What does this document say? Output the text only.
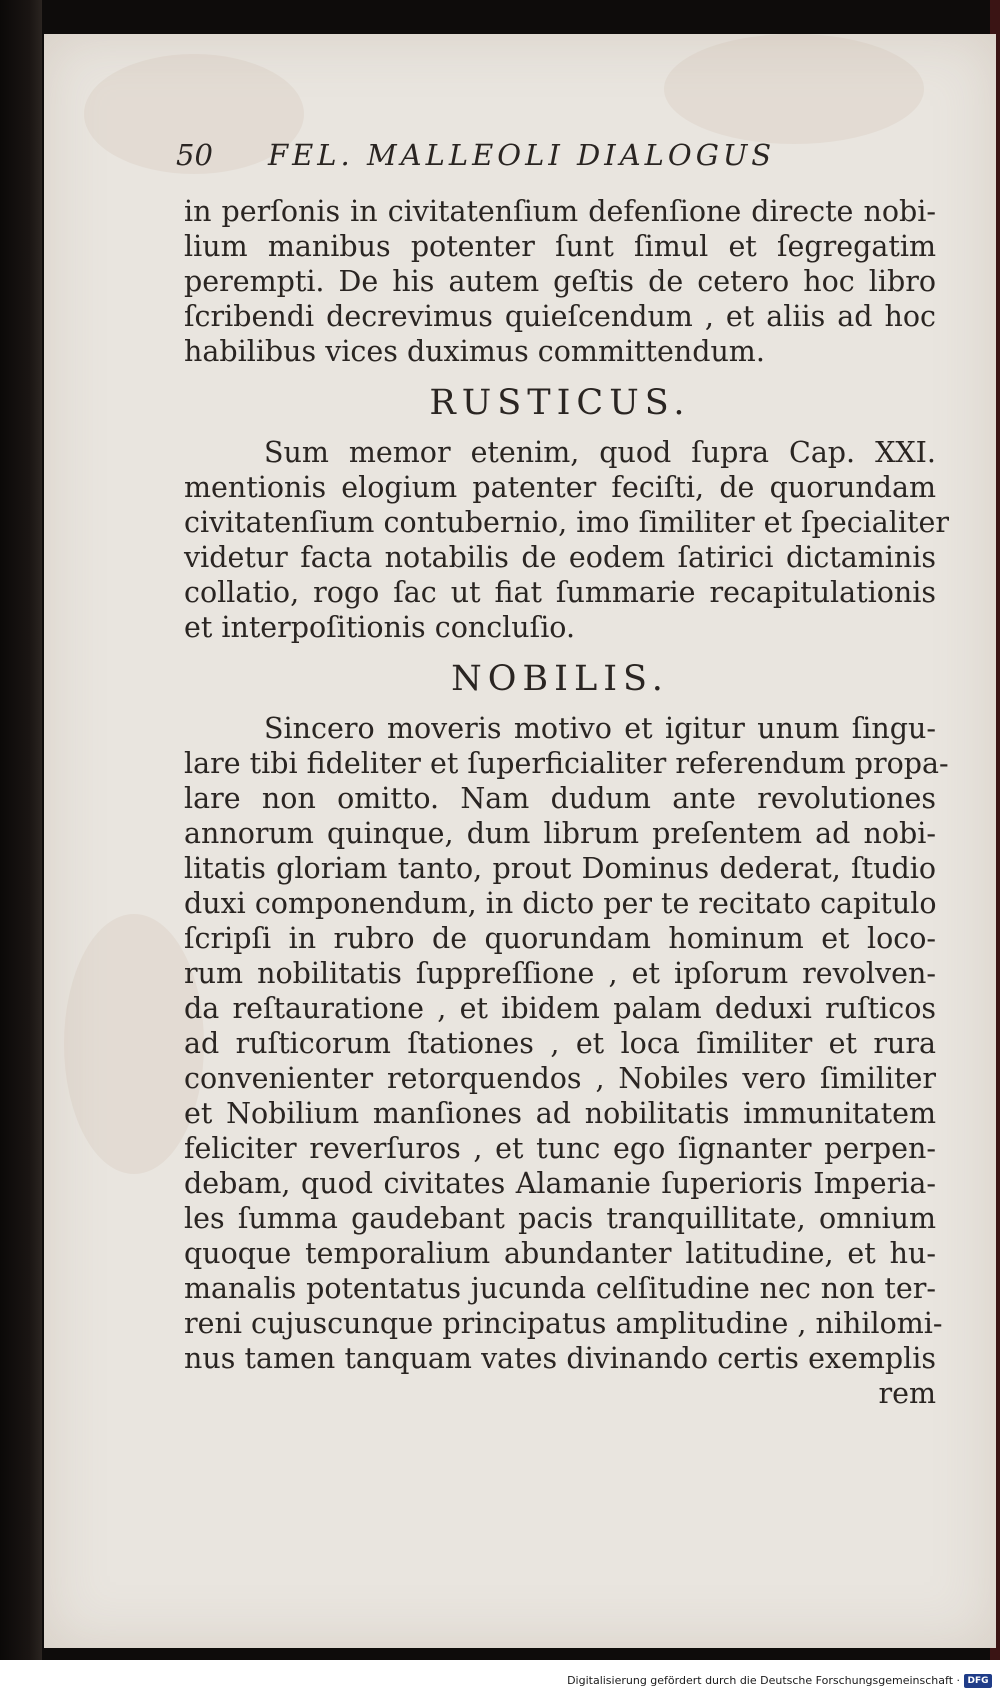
50	FEL. MALLEOLI DIALOGUS
in perſonis in civitatenſium defenſione directe nobi-
lium manibus potenter ſunt ſimul et ſegregatim
perempti. De his autem geſtis de cetero hoc libro
ſcribendi decrevimus quieſcendum , et aliis ad hoc
habilibus vices duximus committendum.
RUSTICUS.
Sum memor etenim, quod ſupra Cap. XXI.
mentionis elogium patenter feciſti, de quorundam
civitatenſium contubernio, imo ſimiliter et ſpecialiter
videtur facta notabilis de eodem ſatirici dictaminis
collatio, rogo ſac ut fiat ſummarie recapitulationis
et interpoſitionis concluſio.
NOBILIS.
Sincero moveris motivo et igitur unum ſingu-
lare tibi fideliter et ſuperficialiter referendum propa-
lare non omitto. Nam dudum ante revolutiones
annorum quinque, dum librum preſentem ad nobi-
litatis gloriam tanto, prout Dominus dederat, ſtudio
duxi componendum, in dicto per te recitato capitulo
ſcripſi in rubro de quorundam hominum et loco-
rum nobilitatis ſuppreſſione , et ipſorum revolven-
da reſtauratione , et ibidem palam deduxi ruſticos
ad ruſticorum ſtationes , et loca ſimiliter et rura
convenienter retorquendos , Nobiles vero ſimiliter
et Nobilium manſiones ad nobilitatis immunitatem
feliciter reverſuros , et tunc ego ſignanter perpen-
debam, quod civitates Alamanie ſuperioris Imperia-
les ſumma gaudebant pacis tranquillitate, omnium
quoque temporalium abundanter latitudine, et hu-
manalis potentatus jucunda celſitudine nec non ter-
reni cujuscunque principatus amplitudine , nihilomi-
nus tamen tanquam vates divinando certis exemplis
rem
Digitalisierung gefördert durch die Deutsche Forschungsgemeinschaft · DFG
